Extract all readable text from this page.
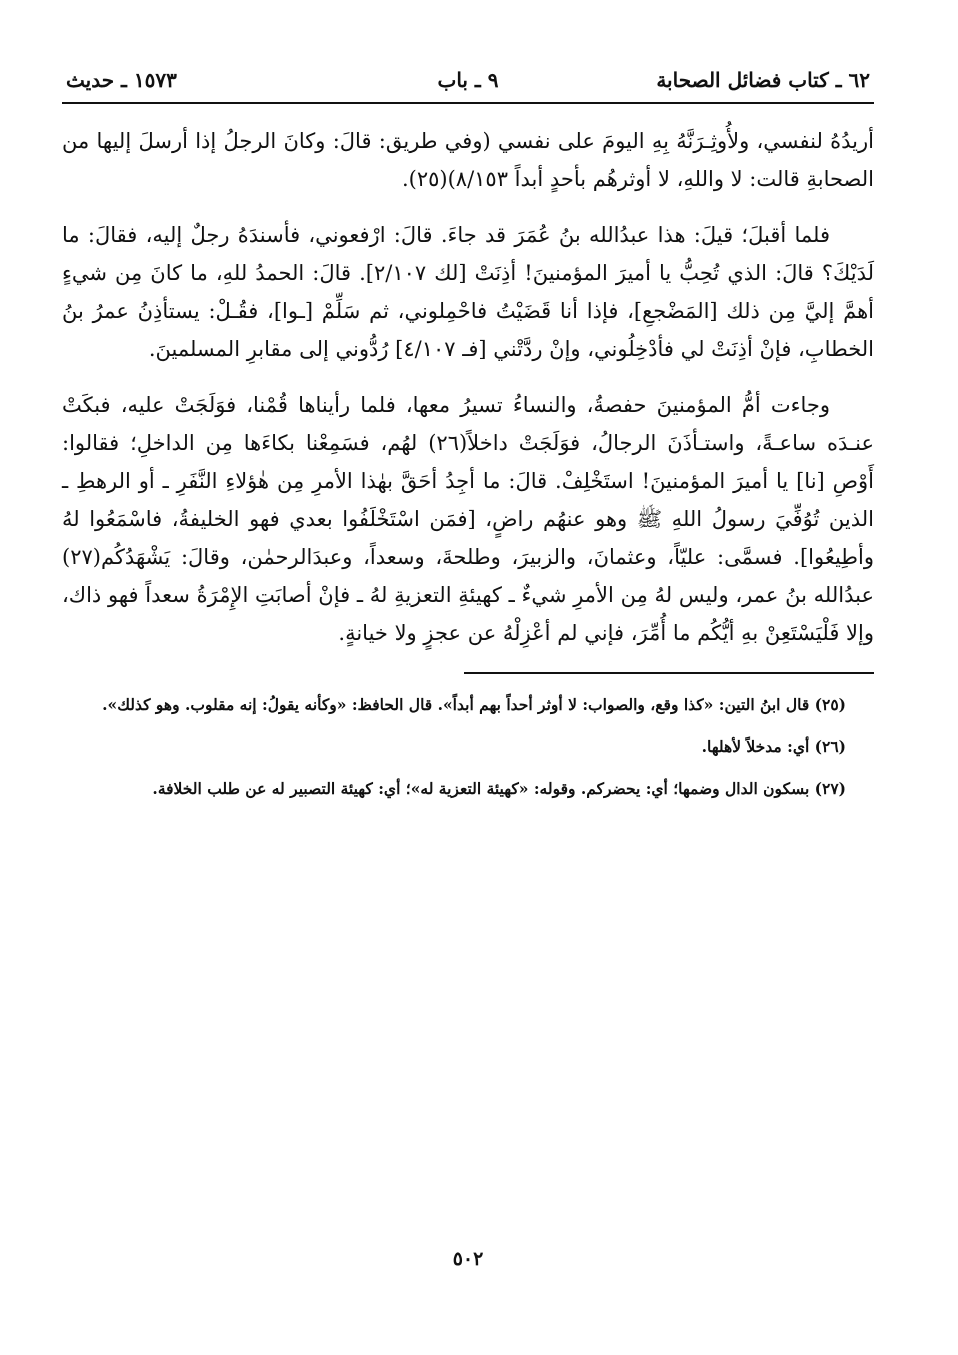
٦٢ ـ كتاب فضائل الصحابة
٩ ـ باب
١٥٧٣ ـ حديث

أريدُهُ لنفسي، ولأُوثِـرَنَّهُ بِهِ اليومَ على نفسي (وفي طريق: قالَ: وكانَ الرجلُ إذا أرسلَ إليها من الصحابةِ قالت: لا واللهِ، لا أوثرهُم بأحدٍ أبداً ٨/١٥٣)(٢٥).

فلما أقبلَ؛ قيلَ: هذا عبدُالله بنُ عُمَرَ قد جاءَ. قالَ: ارْفعوني، فأسندَهُ رجلٌ إليه، فقالَ: ما لَدَيْكَ؟ قالَ: الذي تُحِبُّ يا أميرَ المؤمنينَ! أذِنَتْ [لك ٢/١٠٧]. قالَ: الحمدُ للهِ، ما كانَ مِن شيءٍ أهمَّ إليَّ مِن ذلك [المَضْجعِ]، فإذا أنا قَضَيْتُ فاحْمِلوني، ثم سَلِّمْ [ـوا]، فقُـلْ: يستأذِنُ عمرُ بنُ الخطابِ، فإنْ أذِنَتْ لي فأدْخِلُوني، وإنْ ردَّتْني [فـ ٤/١٠٧] رُدُّوني إلى مقابرِ المسلمينَ.

وجاءت أمُّ المؤمنينَ حفصةُ، والنساءُ تسيرُ معها، فلما رأيناها قُمْنا، فوَلَجَتْ عليه، فبكَتْ عنـدَه ساعـةً، واستـأذَنَ الرجالُ، فوَلَجَتْ داخلاً(٢٦) لهُم، فسَمِعْنا بكاءَها مِن الداخلِ؛ فقالوا: أَوْصِ [نا] يا أميرَ المؤمنينَ! استَخْلِفْ. قالَ: ما أجِدُ أحَقَّ بهٰذا الأمرِ مِن هٰؤلاءِ النَّفَرِ ـ أو الرهطِ ـ الذين تُوُفِّيَ رسولُ اللهِ ﷺ وهو عنهُم راضٍ، [فمَن اسْتَخْلَفُوا بعدي فهو الخليفةُ، فاسْمَعُوا لهُ وأطِيعُوا]. فسمَّى: عليّاً، وعثمانَ، والزبيرَ، وطلحةَ، وسعداً، وعبدَالرحمٰن، وقالَ: يَشْهَدُكُم(٢٧) عبدُالله بنُ عمر، وليس لهُ مِن الأمرِ شيءٌ ـ كهيئةِ التعزيةِ لهُ ـ فإنْ أصابَتِ الإِمْرَةُ سعداً فهو ذاك، وإلا فَلْيَسْتَعِنْ بهِ أيُّكُم ما أُمِّرَ، فإني لم أعْزِلْهُ عن عجزٍ ولا خيانةٍ.

(٢٥) قال ابنُ التين: «كذا وقع، والصواب: لا أوثر أحداً بهم أبداً». قال الحافظ: «وكأنه يقولُ: إنه مقلوب. وهو كذلك».

(٢٦) أي: مدخلاً لأهلها.

(٢٧) بسكون الدال وضمها؛ أي: يحضركم. وقوله: «كهيئة التعزية له»؛ أي: كهيئة التصبير له عن طلب الخلافة.

٥٠٢
